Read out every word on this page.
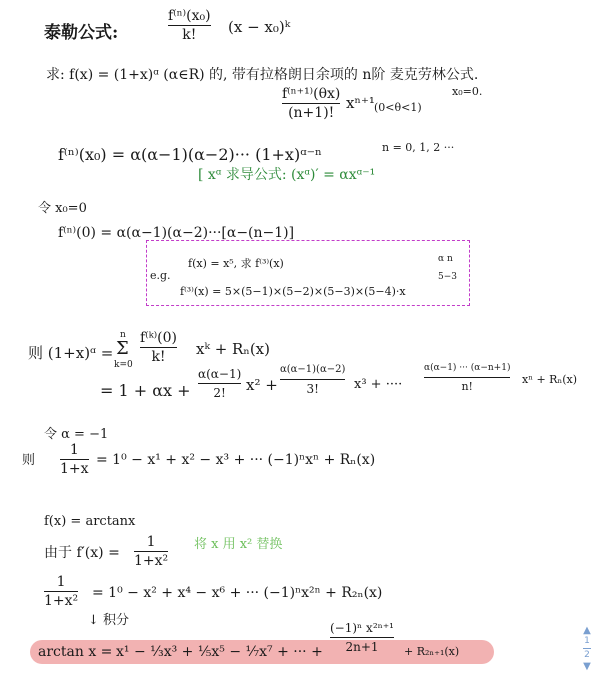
泰勒公式:
f⁽ⁿ⁾(x₀)
k! (x − x₀)ᵏ
求: f(x) = (1+x)ᵅ (α∈R) 的, 带有拉格朗日余项的 n阶 麦克劳林公式.
f⁽ⁿ⁺¹⁾(θx)
(n+1)!
xⁿ⁺¹ (0<θ<1)
x₀=0.
f⁽ⁿ⁾(x₀) = α(α−1)(α−2)··· (1+x)ᵅ⁻ⁿ	n = 0, 1, 2 ···
[ xᵅ 求导公式: (xᵅ)′ = αxᵅ⁻¹
令 x₀=0
f⁽ⁿ⁾(0) = α(α−1)(α−2)···[α−(n−1)]
e.g.
f(x) = x⁵, 求 f⁽³⁾(x)	α n
5−3
f⁽³⁾(x) = 5×(5−1)×(5−2)×(5−3)×(5−4)·x
则 (1+x)ᵅ =
n
Σ
k=0
f⁽ᵏ⁾(0)
k! xᵏ + Rₙ(x)
= 1 + αx +
α(α−1)
2! x² +
α(α−1)(α−2)
3!	x³ + ····
α(α−1) ··· (α−n+1)
n!
xⁿ + Rₙ(x)
令 α = −1
则
1
1+x
= 1⁰ − x¹ + x² − x³ + ··· (−1)ⁿxⁿ + Rₙ(x)
f(x) = arctanx
由于 f′(x) =
1
1+x²
将 x 用 x² 替换
1
1+x² = 1⁰ − x² + x⁴ − x⁶ + ··· (−1)ⁿx²ⁿ + R₂ₙ(x)
↓ 积分
arctan x = x¹ − ⅓x³ + ⅕x⁵ − ⅐x⁷ + ··· +
(−1)ⁿ x²ⁿ⁺¹
2n+1 + R₂ₙ₊₁(x)
▲
1
2
▼
